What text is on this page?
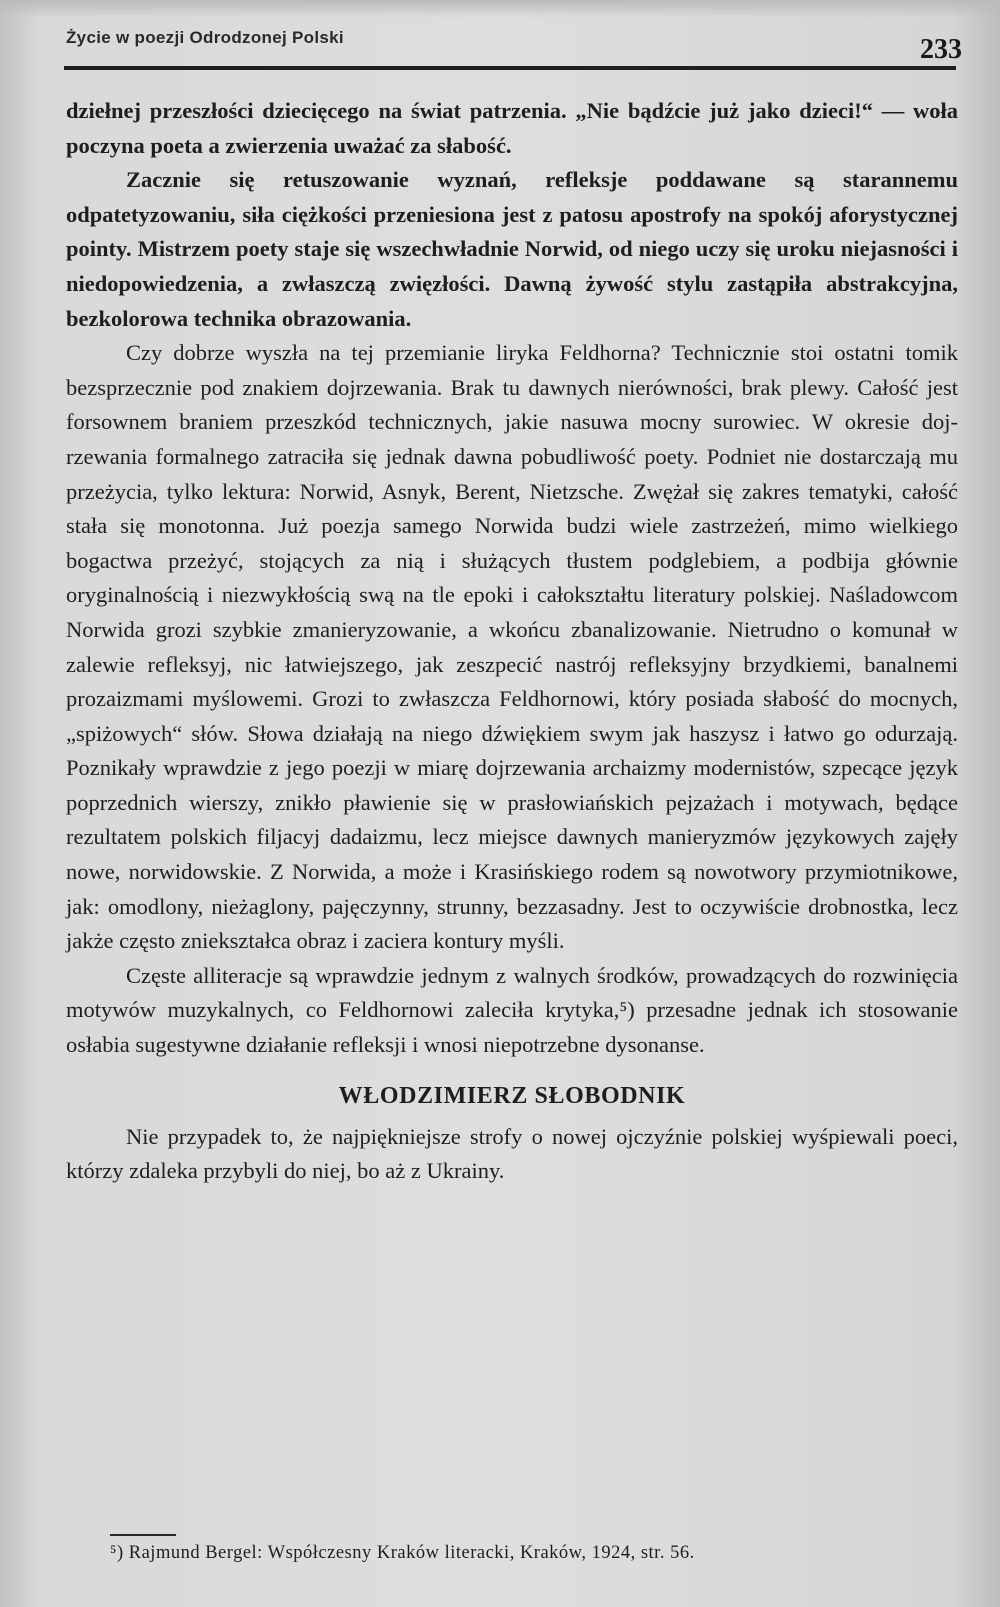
Życie w poezji Odrodzonej Polski	233

dziełnej przeszłości dziecięcego na świat patrzenia. „Nie bądźcie już jako dzieci!“ — woła poczyna poeta a zwierzenia uważać za słabość.

Zacznie się retuszowanie wyznań, refleksje poddawane są starannemu odpatetyzowaniu, siła ciężkości przeniesiona jest z patosu apostrofy na spokój aforystycznej pointy. Mistrzem poety staje się wszechwładnie Norwid, od niego uczy się uroku niejasności i niedopowiedzenia, a zwłaszczą zwięzłości. Dawną żywość stylu zastąpiła abstrakcyjna, bezkolorowa technika obrazowania.

Czy dobrze wyszła na tej przemianie liryka Feldhorna? Technicznie stoi ostatni tomik bezsprzecznie pod znakiem dojrzewania. Brak tu dawnych nierówności, brak plewy. Całość jest forsownem braniem przeszkód technicznych, jakie nasuwa mocny surowiec. W okresie dojrzewania formalnego zatraciła się jednak dawna pobudliwość poety. Podniet nie dostarczają mu przeżycia, tylko lektura: Norwid, Asnyk, Berent, Nietzsche. Zwężał się zakres tematyki, całość stała się monotonna. Już poezja samego Norwida budzi wiele zastrzeżeń, mimo wielkiego bogactwa przeżyć, stojących za nią i służących tłustem podglebiem, a podbija głównie oryginalnością i niezwykłością swą na tle epoki i całokształtu literatury polskiej. Naśladowcom Norwida grozi szybkie zmanieryzowanie, a wkońcu zbanalizowanie. Nietrudno o komunał w zalewie refleksyj, nic łatwiejszego, jak zeszpecić nastrój refleksyjny brzydkiemi, banalnemi prozaizmami myślowemi. Grozi to zwłaszcza Feldhornowi, który posiada słabość do mocnych, „spiżowych“ słów. Słowa działają na niego dźwiękiem swym jak haszysz i łatwo go odurzają. Poznikały wprawdzie z jego poezji w miarę dojrzewania archaizmy modernistów, szpecące język poprzednich wierszy, znikło pławienie się w prasłowiańskich pejzażach i motywach, będące rezultatem polskich filjacyj dadaizmu, lecz miejsce dawnych manieryzmów językowych zajęły nowe, norwidowskie. Z Norwida, a może i Krasińskiego rodem są nowotwory przymiotnikowe, jak: omodlony, nieżaglony, pajęczynny, strunny, bezzasadny. Jest to oczywiście drobnostka, lecz jakże często zniekształca obraz i zaciera kontury myśli.

Częste alliteracje są wprawdzie jednym z walnych środków, prowadzących do rozwinięcia motywów muzykalnych, co Feldhornowi zaleciła krytyka,⁵) przesadne jednak ich stosowanie osłabia sugestywne działanie refleksji i wnosi niepotrzebne dysonanse.

WŁODZIMIERZ SŁOBODNIK

Nie przypadek to, że najpiękniejsze strofy o nowej ojczyźnie polskiej wyśpiewali poeci, którzy zdaleka przybyli do niej, bo aż z Ukrainy.

⁵) Rajmund Bergel: Współczesny Kraków literacki, Kraków, 1924, str. 56.
